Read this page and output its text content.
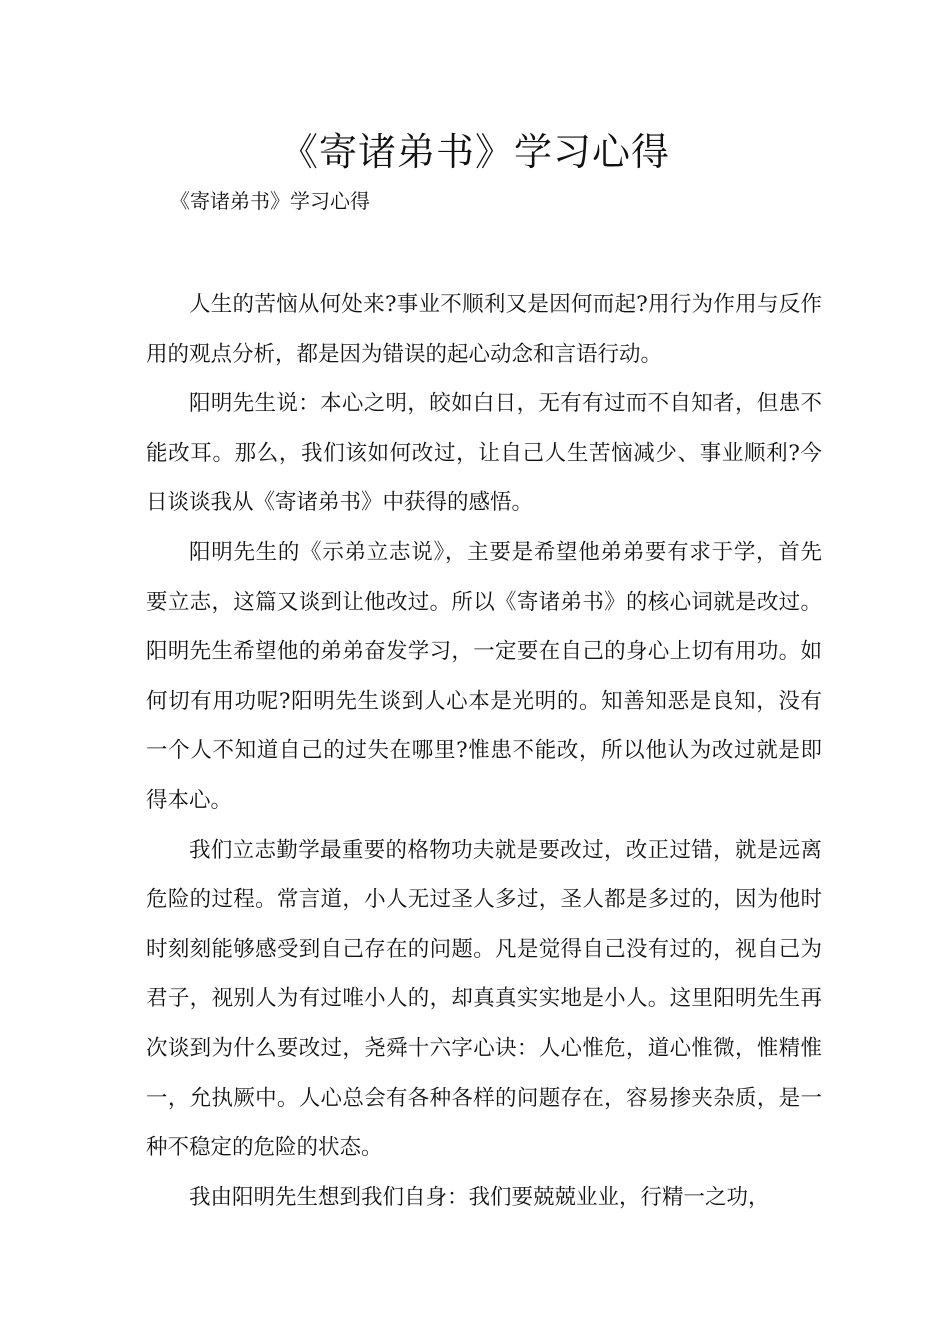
《寄诸弟书》学习心得

《寄诸弟书》学习心得

人生的苦恼从何处来?事业不顺利又是因何而起?用行为作用与反作用的观点分析，都是因为错误的起心动念和言语行动。

阳明先生说：本心之明，皎如白日，无有有过而不自知者，但患不能改耳。那么，我们该如何改过，让自己人生苦恼减少、事业顺利?今日谈谈我从《寄诸弟书》中获得的感悟。

阳明先生的《示弟立志说》，主要是希望他弟弟要有求于学，首先要立志，这篇又谈到让他改过。所以《寄诸弟书》的核心词就是改过。阳明先生希望他的弟弟奋发学习，一定要在自己的身心上切有用功。如何切有用功呢?阳明先生谈到人心本是光明的。知善知恶是良知，没有一个人不知道自己的过失在哪里?惟患不能改，所以他认为改过就是即得本心。

我们立志勤学最重要的格物功夫就是要改过，改正过错，就是远离危险的过程。常言道，小人无过圣人多过，圣人都是多过的，因为他时时刻刻能够感受到自己存在的问题。凡是觉得自己没有过的，视自己为君子，视别人为有过唯小人的，却真真实实地是小人。这里阳明先生再次谈到为什么要改过，尧舜十六字心诀：人心惟危，道心惟微，惟精惟一，允执厥中。人心总会有各种各样的问题存在，容易掺夹杂质，是一种不稳定的危险的状态。

我由阳明先生想到我们自身：我们要兢兢业业，行精一之功，
